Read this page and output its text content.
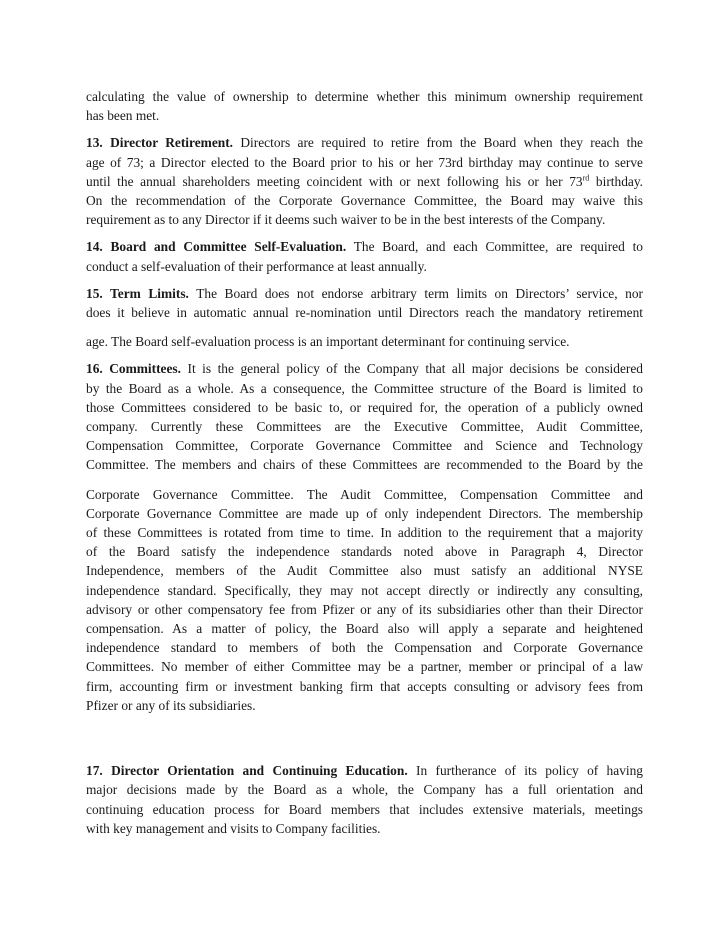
calculating the value of ownership to determine whether this minimum ownership requirement
has been met.
13. Director Retirement. Directors are required to retire from the Board when they reach the
age of 73; a Director elected to the Board prior to his or her 73rd birthday may continue to serve
until the annual shareholders meeting coincident with or next following his or her 73rd birthday.
On the recommendation of the Corporate Governance Committee, the Board may waive this
requirement as to any Director if it deems such waiver to be in the best interests of the Company.
14. Board and Committee Self-Evaluation. The Board, and each Committee, are required to
conduct a self-evaluation of their performance at least annually.
15. Term Limits. The Board does not endorse arbitrary term limits on Directors’ service, nor
does it believe in automatic annual re-nomination until Directors reach the mandatory retirement
age. The Board self-evaluation process is an important determinant for continuing service.
16. Committees. It is the general policy of the Company that all major decisions be considered
by the Board as a whole. As a consequence, the Committee structure of the Board is limited to
those Committees considered to be basic to, or required for, the operation of a publicly owned
company. Currently these Committees are the Executive Committee, Audit Committee,
Compensation Committee, Corporate Governance Committee and Science and Technology
Committee. The members and chairs of these Committees are recommended to the Board by the
Corporate Governance Committee. The Audit Committee, Compensation Committee and
Corporate Governance Committee are made up of only independent Directors. The membership
of these Committees is rotated from time to time. In addition to the requirement that a majority
of the Board satisfy the independence standards noted above in Paragraph 4, Director
Independence, members of the Audit Committee also must satisfy an additional NYSE
independence standard. Specifically, they may not accept directly or indirectly any consulting,
advisory or other compensatory fee from Pfizer or any of its subsidiaries other than their Director
compensation. As a matter of policy, the Board also will apply a separate and heightened
independence standard to members of both the Compensation and Corporate Governance
Committees. No member of either Committee may be a partner, member or principal of a law
firm, accounting firm or investment banking firm that accepts consulting or advisory fees from
Pfizer or any of its subsidiaries.
17. Director Orientation and Continuing Education. In furtherance of its policy of having
major decisions made by the Board as a whole, the Company has a full orientation and
continuing education process for Board members that includes extensive materials, meetings
with key management and visits to Company facilities.
